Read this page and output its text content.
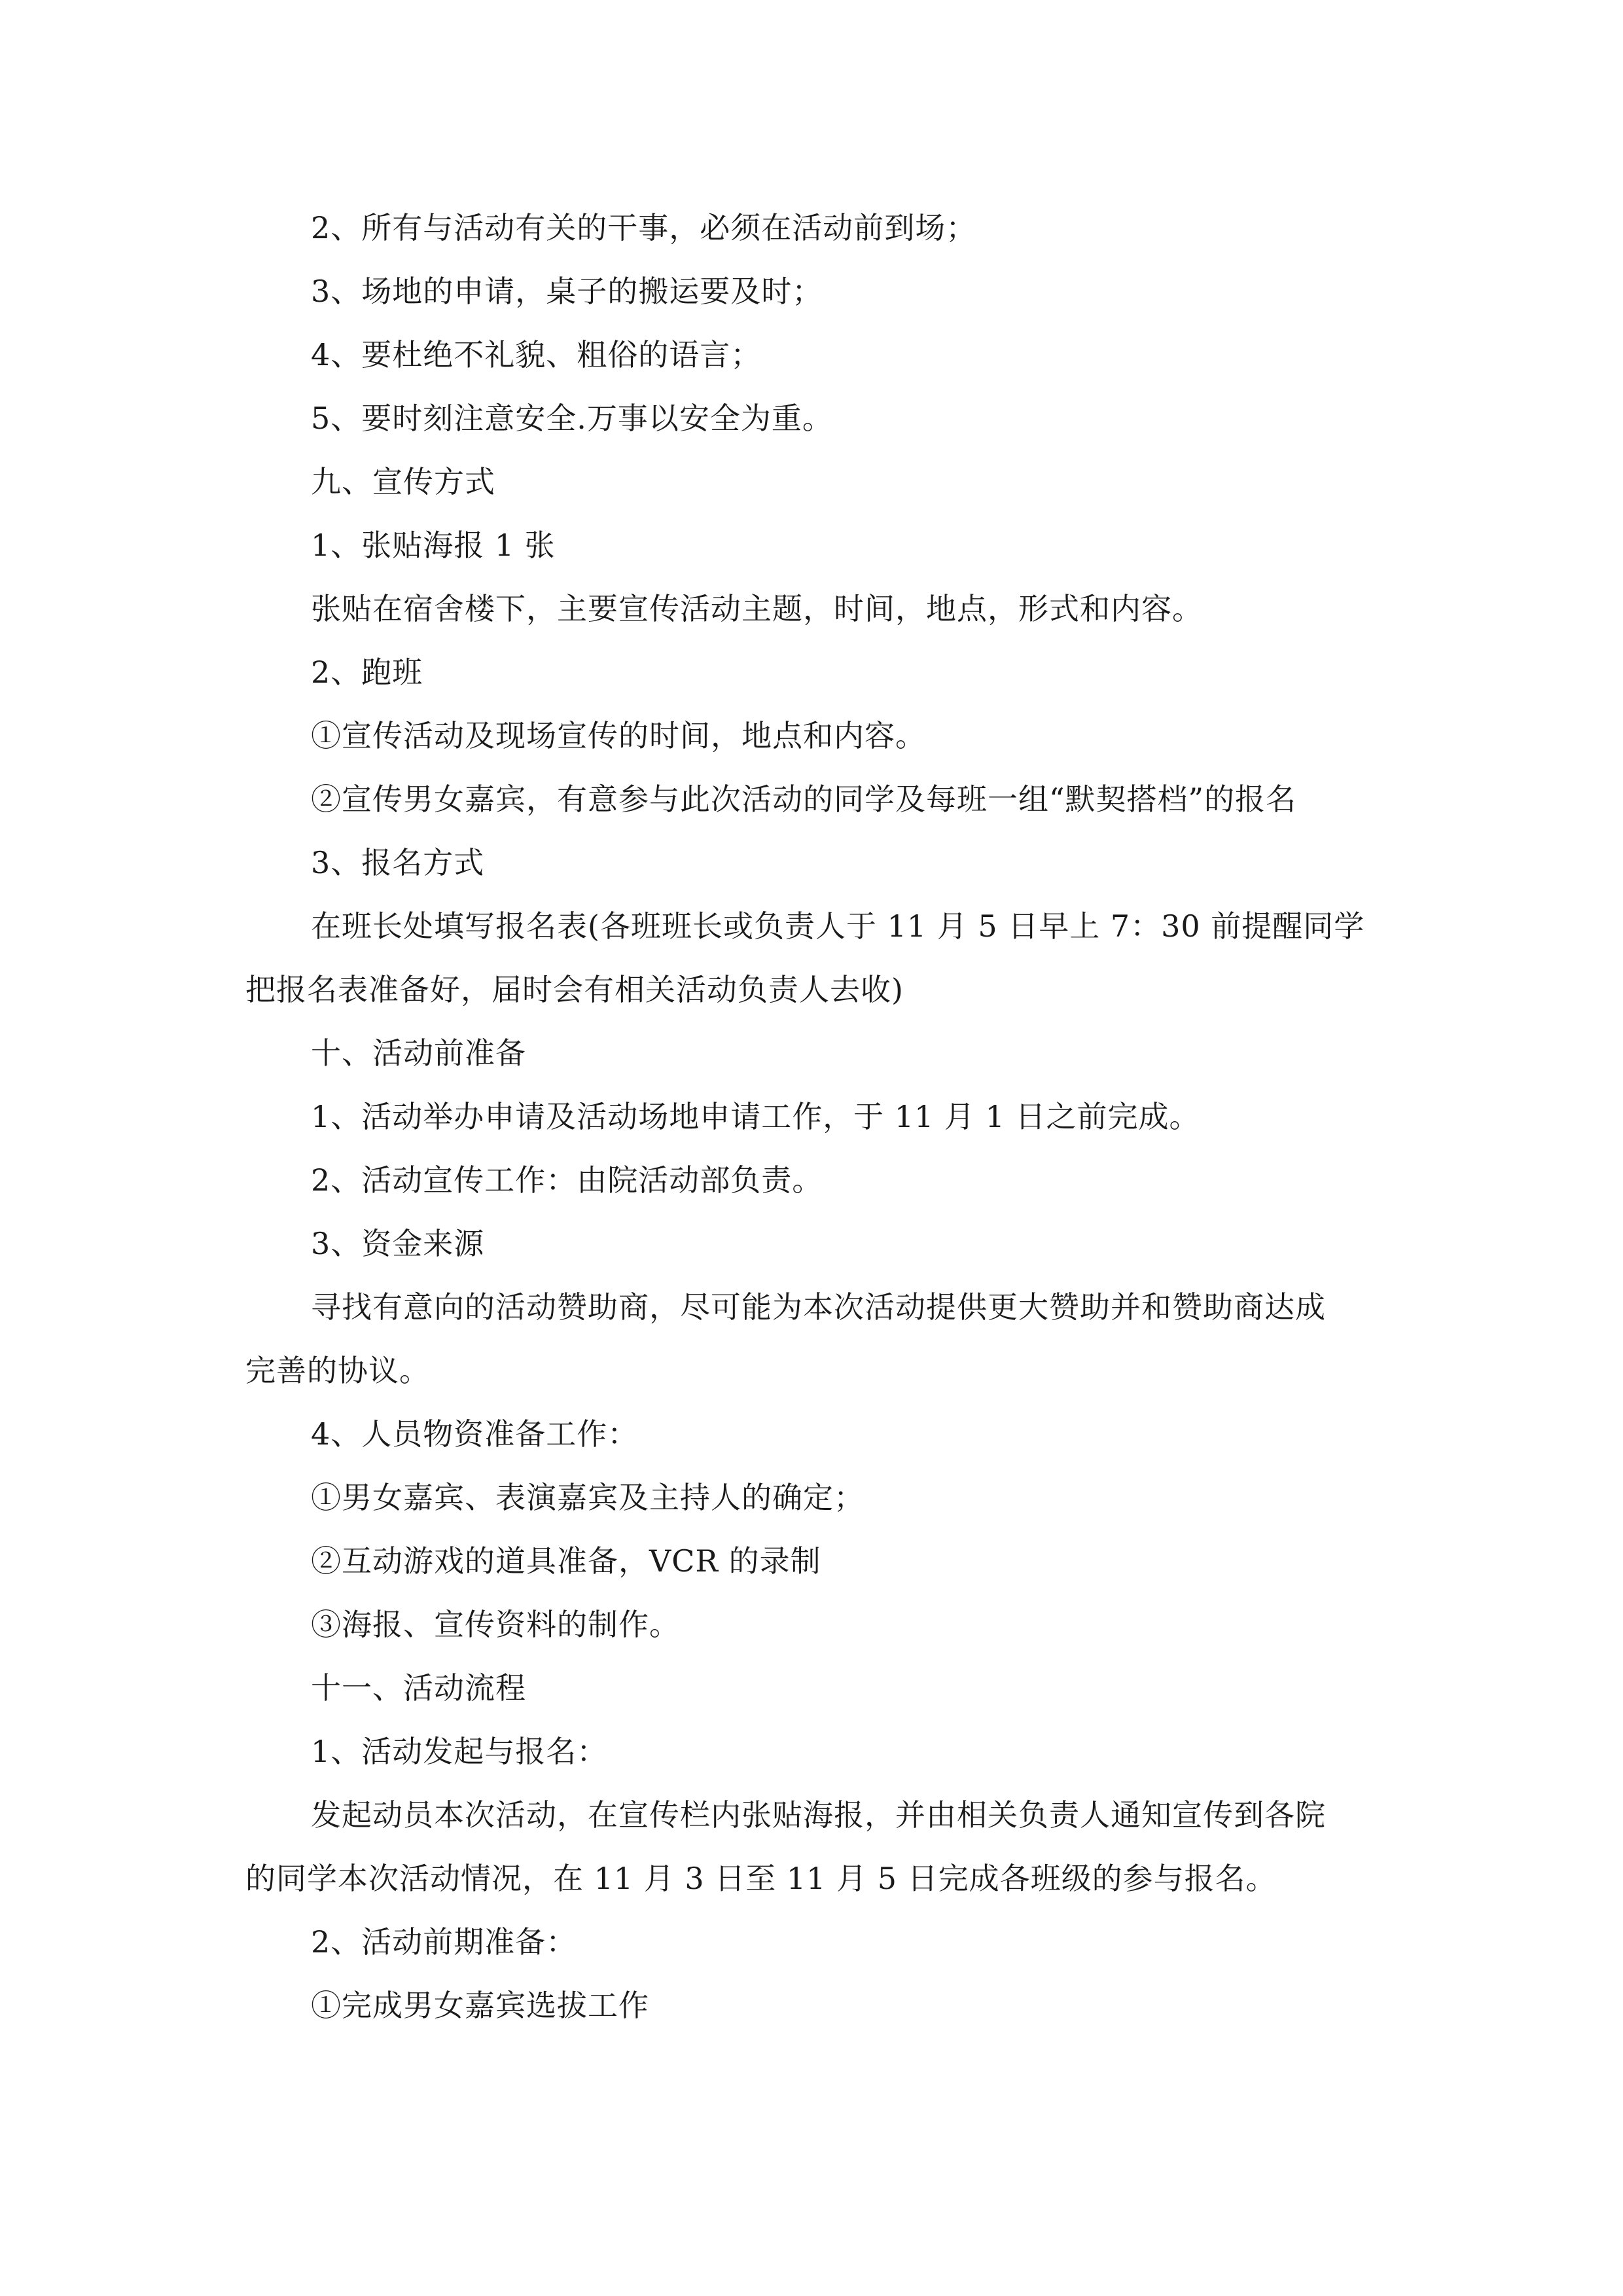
2、所有与活动有关的干事，必须在活动前到场；
3、场地的申请，桌子的搬运要及时；
4、要杜绝不礼貌、粗俗的语言；
5、要时刻注意安全.万事以安全为重。
九、宣传方式
1、张贴海报 1 张
张贴在宿舍楼下，主要宣传活动主题，时间，地点，形式和内容。
2、跑班
①宣传活动及现场宣传的时间，地点和内容。
②宣传男女嘉宾，有意参与此次活动的同学及每班一组“默契搭档”的报名
3、报名方式
在班长处填写报名表(各班班长或负责人于 11 月 5 日早上 7：30 前提醒同学
把报名表准备好，届时会有相关活动负责人去收)
十、活动前准备
1、活动举办申请及活动场地申请工作，于 11 月 1 日之前完成。
2、活动宣传工作：由院活动部负责。
3、资金来源
寻找有意向的活动赞助商，尽可能为本次活动提供更大赞助并和赞助商达成
完善的协议。
4、人员物资准备工作：
①男女嘉宾、表演嘉宾及主持人的确定；
②互动游戏的道具准备，VCR 的录制
③海报、宣传资料的制作。
十一、活动流程
1、活动发起与报名：
发起动员本次活动，在宣传栏内张贴海报，并由相关负责人通知宣传到各院
的同学本次活动情况，在 11 月 3 日至 11 月 5 日完成各班级的参与报名。
2、活动前期准备：
①完成男女嘉宾选拔工作
